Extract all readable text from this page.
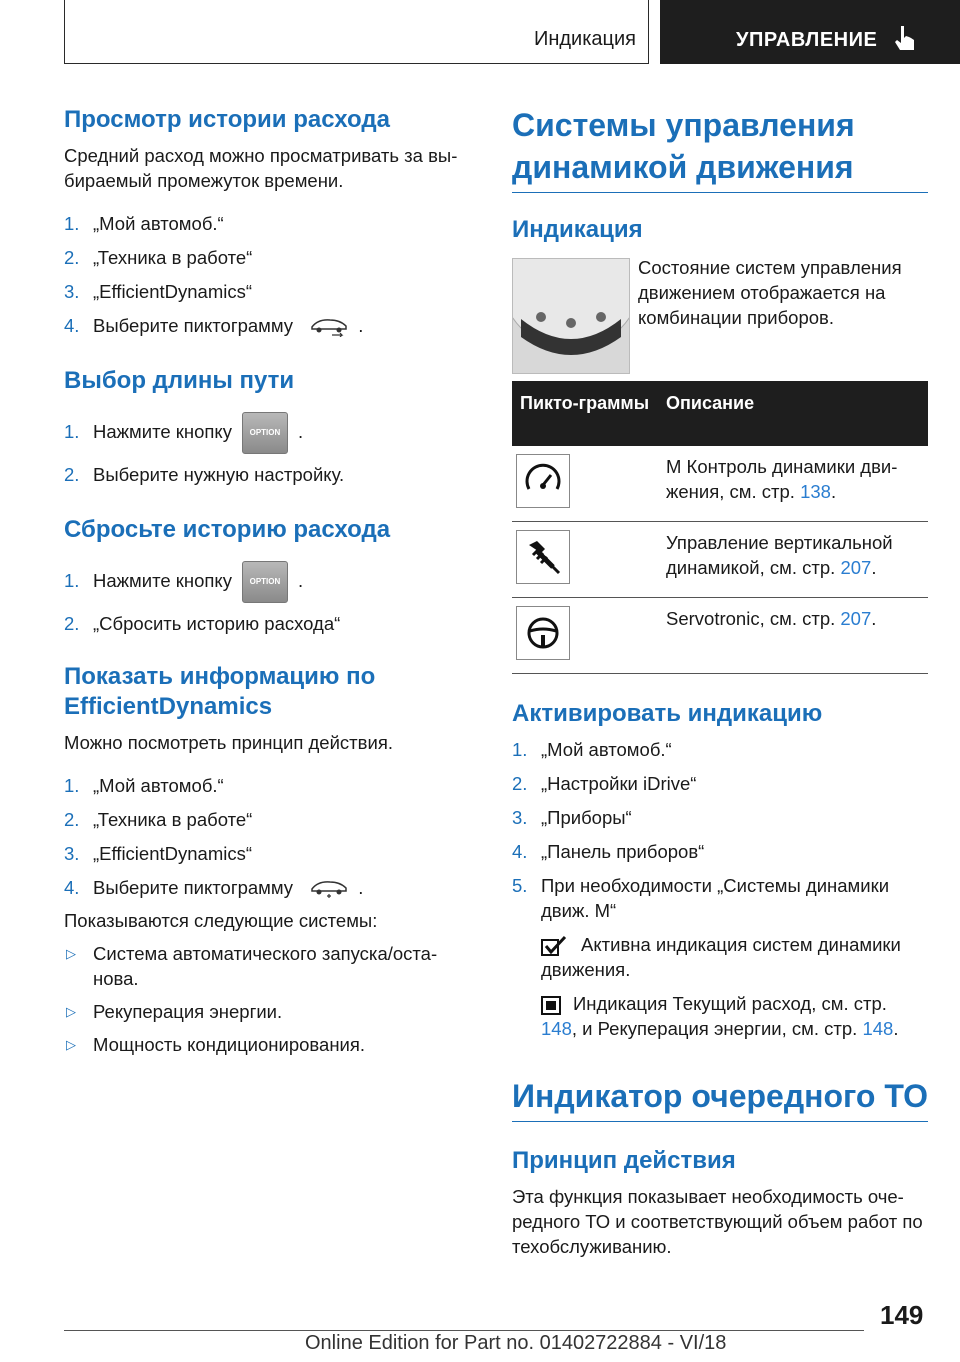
Индикация	УПРАВЛЕНИЕ
Просмотр истории расхода

Средний расход можно просматривать за вы-бираемый промежуток времени.

1. „Мой автомоб.“
2. „Техника в работе“
3. „EfficientDynamics“
4. Выберите пиктограмму	.
Выбор длины пути
1. Нажмите кнопку OPTION .
2. Выберите нужную настройку.
Сбросьте историю расхода
1. Нажмите кнопку OPTION .
2. „Сбросить историю расхода“
Показать информацию по EfficientDynamics

Можно посмотреть принцип действия.

1. „Мой автомоб.“
2. „Техника в работе“
3. „EfficientDynamics“
4. Выберите пиктограмму	.

Показываются следующие системы:

▷ Система автоматического запуска/оста-нова.
▷ Рекуперация энергии.
▷ Мощность кондиционирования.
Системы управления динамикой движения
Индикация

Состояние систем управления движением отображается на комбинации приборов.

Пикто-граммы	Описание

	M Контроль динамики дви-жения, см. стр. 138.

	Управление вертикальной динамикой, см. стр. 207.

	Servotronic, см. стр. 207.
Активировать индикацию
1. „Мой автомоб.“
2. „Настройки iDrive“
3. „Приборы“
4. „Панель приборов“
5. При необходимости „Системы динамики движ. M“
Активна индикация систем динамики движения.
Индикация Текущий расход, см. стр. 148, и Рекуперация энергии, см. стр. 148.
Индикатор очередного ТО
Принцип действия

Эта функция показывает необходимость оче-редного ТО и соответствующий объем работ по техобслуживанию.

149
Online Edition for Part no. 01402722884 - VI/18
